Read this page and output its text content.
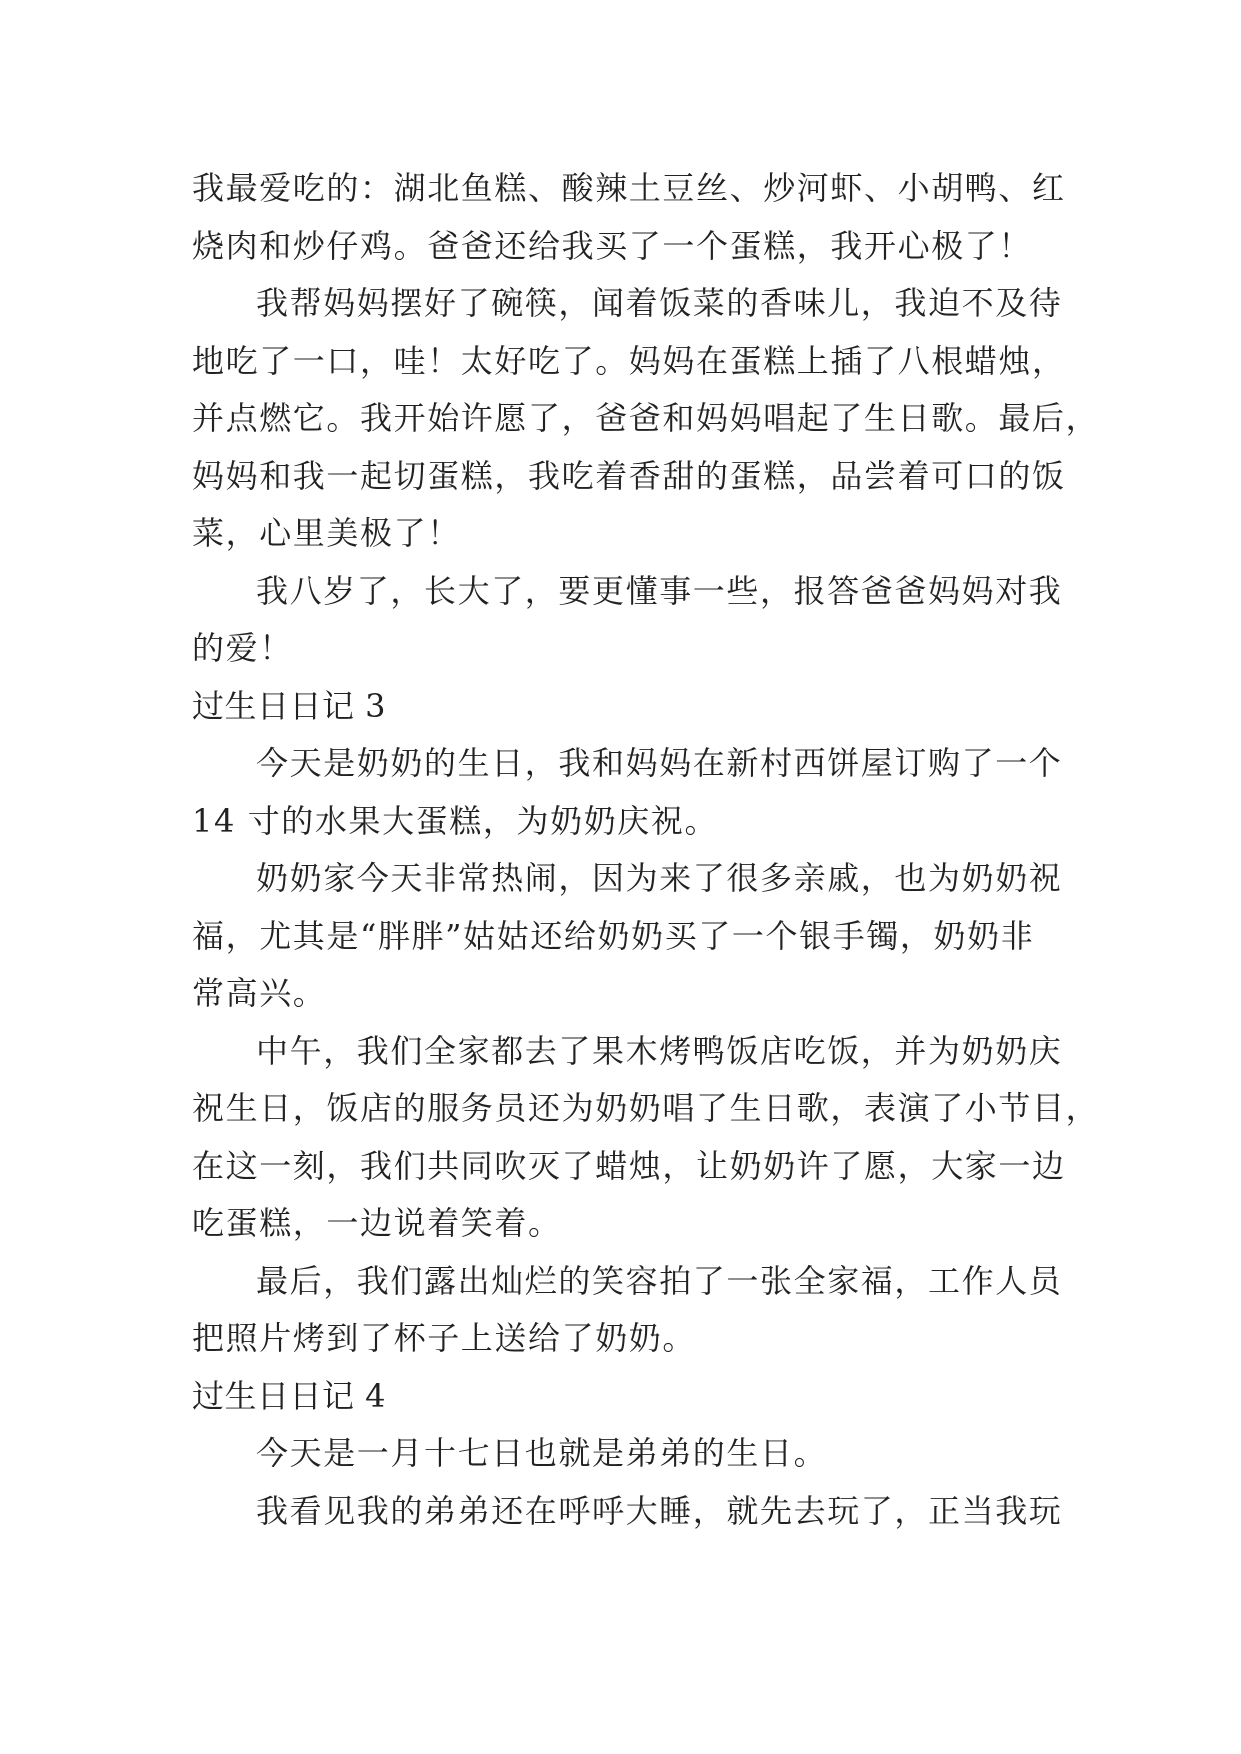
我最爱吃的：湖北鱼糕、酸辣土豆丝、炒河虾、小胡鸭、红
烧肉和炒仔鸡。爸爸还给我买了一个蛋糕，我开心极了！
我帮妈妈摆好了碗筷，闻着饭菜的香味儿，我迫不及待
地吃了一口，哇！太好吃了。妈妈在蛋糕上插了八根蜡烛，
并点燃它。我开始许愿了，爸爸和妈妈唱起了生日歌。最后，
妈妈和我一起切蛋糕，我吃着香甜的蛋糕，品尝着可口的饭
菜，心里美极了！
我八岁了，长大了，要更懂事一些，报答爸爸妈妈对我
的爱！
过生日日记 3
今天是奶奶的生日，我和妈妈在新村西饼屋订购了一个
14 寸的水果大蛋糕，为奶奶庆祝。
奶奶家今天非常热闹，因为来了很多亲戚，也为奶奶祝
福，尤其是“胖胖”姑姑还给奶奶买了一个银手镯，奶奶非
常高兴。
中午，我们全家都去了果木烤鸭饭店吃饭，并为奶奶庆
祝生日，饭店的服务员还为奶奶唱了生日歌，表演了小节目，
在这一刻，我们共同吹灭了蜡烛，让奶奶许了愿，大家一边
吃蛋糕，一边说着笑着。
最后，我们露出灿烂的笑容拍了一张全家福，工作人员
把照片烤到了杯子上送给了奶奶。
过生日日记 4
今天是一月十七日也就是弟弟的生日。
我看见我的弟弟还在呼呼大睡，就先去玩了，正当我玩
